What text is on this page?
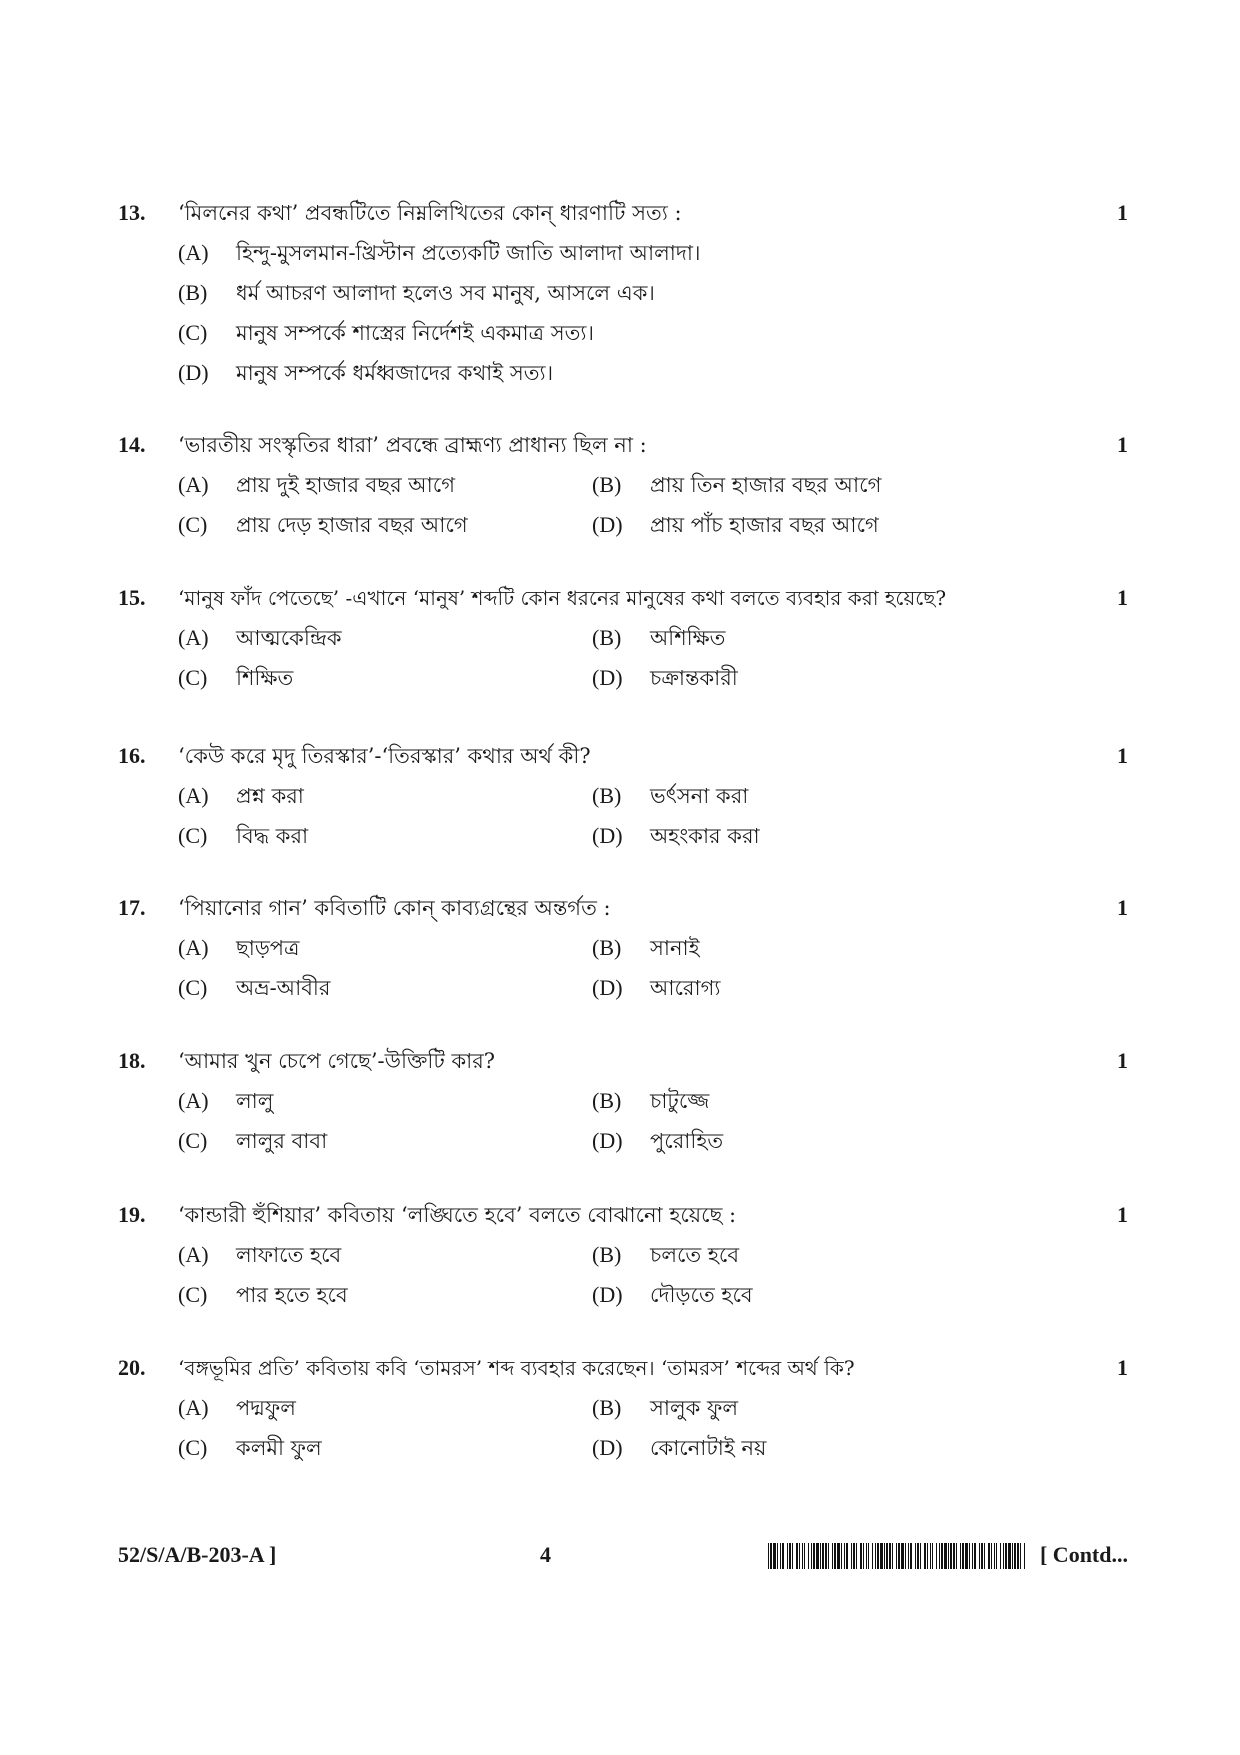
13. ‘মিলনের কথা’ প্রবন্ধটিতে নিম্নলিখিতের কোন্ ধারণাটি সত্য :	1
(A) হিন্দু-মুসলমান-খ্রিস্টান প্রত্যেকটি জাতি আলাদা আলাদা।
(B) ধর্ম আচরণ আলাদা হলেও সব মানুষ, আসলে এক।
(C) মানুষ সম্পর্কে শাস্ত্রের নির্দেশই একমাত্র সত্য।
(D) মানুষ সম্পর্কে ধর্মধ্বজাদের কথাই সত্য।
14. ‘ভারতীয় সংস্কৃতির ধারা’ প্রবন্ধে ব্রাহ্মণ্য প্রাধান্য ছিল না :	1
(A) প্রায় দুই হাজার বছর আগে	(B) প্রায় তিন হাজার বছর আগে
(C) প্রায় দেড় হাজার বছর আগে	(D) প্রায় পাঁচ হাজার বছর আগে
15. ‘মানুষ ফাঁদ পেতেছে’ -এখানে ‘মানুষ’ শব্দটি কোন ধরনের মানুষের কথা বলতে ব্যবহার করা হয়েছে?	1
(A) আত্মকেন্দ্রিক	(B) অশিক্ষিত
(C) শিক্ষিত	(D) চক্রান্তকারী
16. ‘কেউ করে মৃদু তিরস্কার’-‘তিরস্কার’ কথার অর্থ কী?	1
(A) প্রশ্ন করা	(B) ভর্ৎসনা করা
(C) বিদ্ধ করা	(D) অহংকার করা
17. ‘পিয়ানোর গান’ কবিতাটি কোন্ কাব্যগ্রন্থের অন্তর্গত :	1
(A) ছাড়পত্র	(B) সানাই
(C) অভ্র-আবীর	(D) আরোগ্য
18. ‘আমার খুন চেপে গেছে’-উক্তিটি কার?	1
(A) লালু	(B) চাটুজ্জে
(C) লালুর বাবা	(D) পুরোহিত
19. ‘কান্ডারী হুঁশিয়ার’ কবিতায় ‘লঙ্ঘিতে হবে’ বলতে বোঝানো হয়েছে :	1
(A) লাফাতে হবে	(B) চলতে হবে
(C) পার হতে হবে	(D) দৌড়তে হবে
20. ‘বঙ্গভূমির প্রতি’ কবিতায় কবি ‘তামরস’ শব্দ ব্যবহার করেছেন। ‘তামরস’ শব্দের অর্থ কি?	1
(A) পদ্মফুল	(B) সালুক ফুল
(C) কলমী ফুল	(D) কোনোটাই নয়
52/S/A/B-203-A ]	4	[ Contd...
